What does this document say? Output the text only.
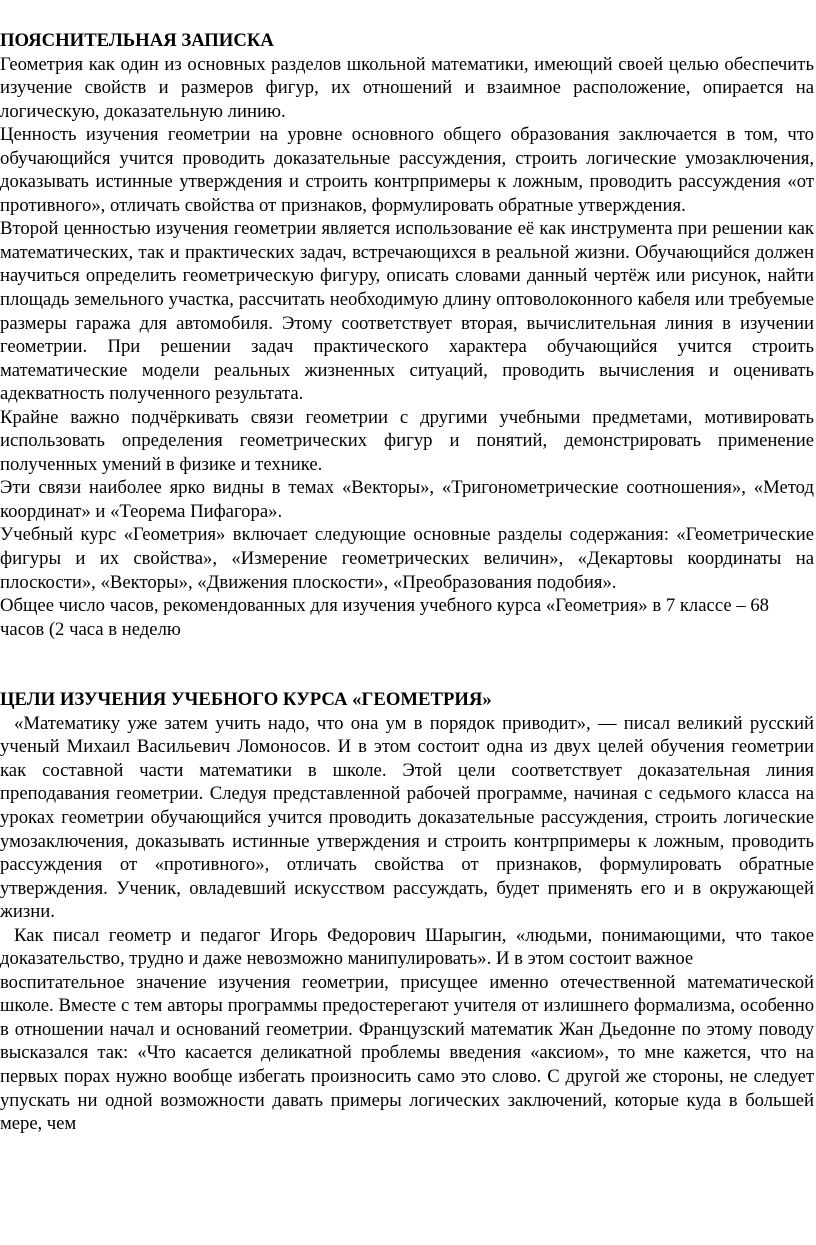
ПОЯСНИТЕЛЬНАЯ ЗАПИСКА

Геометрия как один из основных разделов школьной математики, имеющий своей целью обеспечить изучение свойств и размеров фигур, их отношений и взаимное расположение, опирается на логическую, доказательную линию.

Ценность изучения геометрии на уровне основного общего образования заключается в том, что обучающийся учится проводить доказательные рассуждения, строить логические умозаключения, доказывать истинные утверждения и строить контрпримеры к ложным, проводить рассуждения «от противного», отличать свойства от признаков, формулировать обратные утверждения.

Второй ценностью изучения геометрии является использование её как инструмента при решении как математических, так и практических задач, встречающихся в реальной жизни. Обучающийся должен научиться определить геометрическую фигуру, описать словами данный чертёж или рисунок, найти площадь земельного участка, рассчитать необходимую длину оптоволоконного кабеля или требуемые размеры гаража для автомобиля. Этому соответствует вторая, вычислительная линия в изучении геометрии. При решении задач практического характера обучающийся учится строить математические модели реальных жизненных ситуаций, проводить вычисления и оценивать адекватность полученного результата.

Крайне важно подчёркивать связи геометрии с другими учебными предметами, мотивировать использовать определения геометрических фигур и понятий, демонстрировать применение полученных умений в физике и технике.

Эти связи наиболее ярко видны в темах «Векторы», «Тригонометрические соотношения», «Метод координат» и «Теорема Пифагора».

Учебный курс «Геометрия» включает следующие основные разделы содержания: «Геометрические фигуры и их свойства», «Измерение геометрических величин», «Декартовы координаты на плоскости», «Векторы», «Движения плоскости», «Преобразования подобия».

Общее число часов, рекомендованных для изучения учебного курса «Геометрия» в 7 классе – 68 часов (2 часа в неделю

ЦЕЛИ ИЗУЧЕНИЯ УЧЕБНОГО КУРСА «ГЕОМЕТРИЯ»

«Математику уже затем учить надо, что она ум в порядок приводит», — писал великий русский ученый Михаил Васильевич Ломоносов. И в этом состоит одна из двух целей обучения геометрии как составной части математики в школе. Этой цели соответствует доказательная линия преподавания геометрии. Следуя представленной рабочей программе, начиная с седьмого класса на уроках геометрии обучающийся учится проводить доказательные рассуждения, строить логические умозаключения, доказывать истинные утверждения и строить контрпримеры к ложным, проводить рассуждения от «противного», отличать свойства от признаков, формулировать обратные утверждения. Ученик, овладевший искусством рассуждать, будет применять его и в окружающей жизни.

Как писал геометр и педагог Игорь Федорович Шарыгин, «людьми, понимающими, что такое доказательство, трудно и даже невозможно манипулировать». И в этом состоит важное

воспитательное значение изучения геометрии, присущее именно отечественной математической школе. Вместе с тем авторы программы предостерегают учителя от излишнего формализма, особенно в отношении начал и оснований геометрии. Французский математик Жан Дьедонне по этому поводу высказался так: «Что касается деликатной проблемы введения «аксиом», то мне кажется, что на первых порах нужно вообще избегать произносить само это слово. С другой же стороны, не следует упускать ни одной возможности давать примеры логических заключений, которые куда в большей мере, чем
